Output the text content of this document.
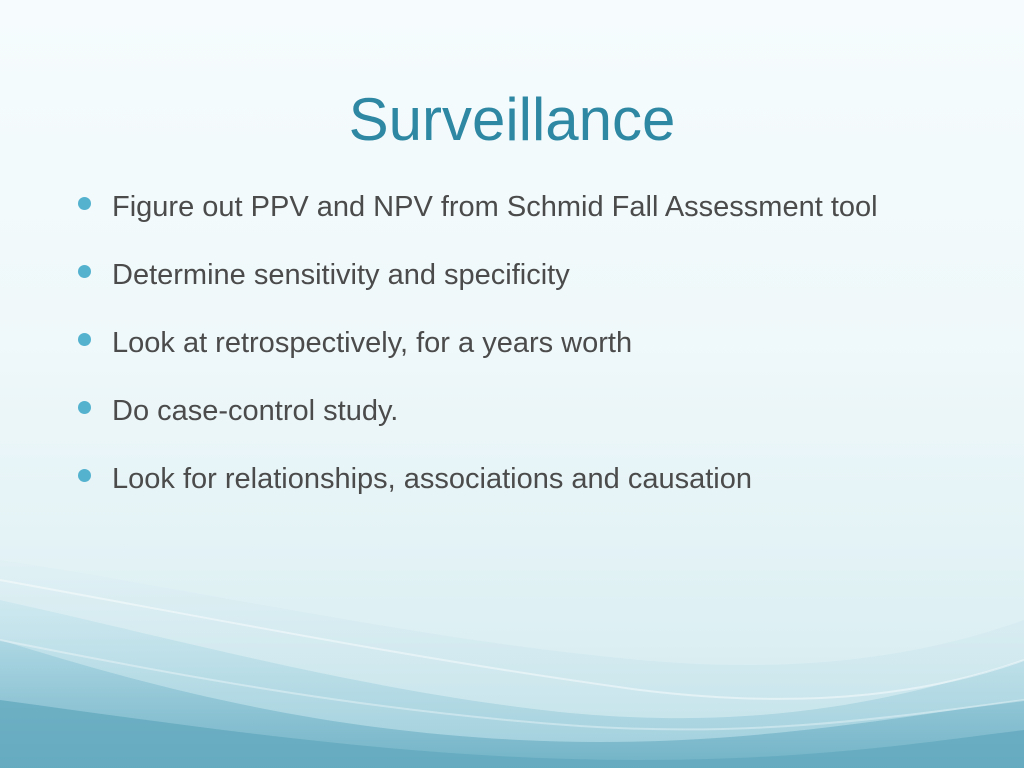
Surveillance
Figure out PPV and NPV from Schmid Fall Assessment tool
Determine sensitivity and specificity
Look at retrospectively, for a years worth
Do case-control study.
Look for relationships, associations and causation
